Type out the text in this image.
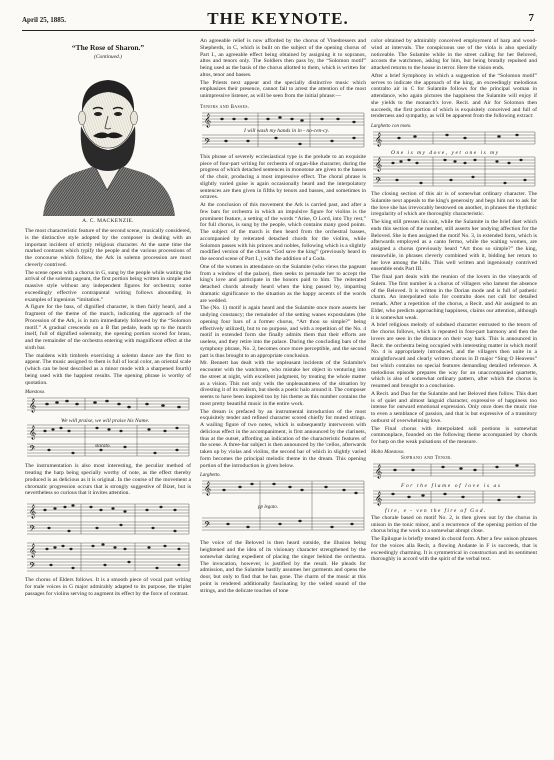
April 25, 1885.	THE KEYNOTE.	7
“The Rose of Sharon.”
(Continued.)
A. C. MACKENZIE.

The most characteristic feature of the second scene, musically considered, is the distinctive style adopted by the composer in dealing with an important incident of strictly religious character. At the same time the marked contrasts which typify the people and the various processions of the concourse which follow, the Ark in solemn procession are most cleverly contrived.

The scene opens with a chorus in G, sung by the people while waiting the arrival of the solemn pageant, the first portion being written in simple and massive style without any independent figures for orchestra; some exceedingly effective contrapuntal writing follows abounding in examples of ingenious “imitation.”

A figure for the bass, of dignified character, is then fairly heard, and a fragment of the theme of the march, indicating the approach of the Procession of the Ark, is in turn immediately followed by the “Solomon motif.” A gradual crescendo on a B flat pedale, leads up to the march itself, full of dignified solemnity, the opening portion scored for brass, and the remainder of the orchestra entering with magnificent effect at the sixth bar.

The maidens with timbrels exercising a solemn dance are the first to appear. The music assigned to them is full of local color, an oriental scale (which can be best described as a minor mode with a sharpened fourth) being used with the happiest results. The opening phrase is worthy of quotation.

Maestoso.
𝄞
𝄞
𝄢
We will praise, we will praise his Name.
stacato.

The instrumentation is also most interesting, the peculiar method of treating the harp being specially worthy of note, as the effect thereby produced is as delicious as it is original. In the course of the movement a chromatic progression occurs that is strongly suggestive of Bizet, but is nevertheless so curious that it invites attention.

𝄞
𝄢
𝄞
𝄢

The chorus of Elders follows. It is a smooth piece of vocal part writing for male voices in G major admirably adapted to its purpose, the triplet passages for violins serving to augment its effect by the force of contrast.

An agreeable relief is now afforded by the chorus of Vinedressers and Shepherds, in C, which is built on the subject of the opening chorus of Part I., an agreeable effect being obtained by assigning it to sopranos, altos and tenors only. The Soldiers then pass by, the “Solomon motif” being used as the basis of the chorus allotted to them, which is written for altos, tenor and basses.

The Priests next appear and the specially distinctive music which emphasizes their presence, cannot fail to arrest the attention of the most unimpressive listener, as will be seen from the initial phrase:—

Tenors and Basses.
𝄞
𝄢
I will wash my hands in in - no-cen-cy.

This phrase of severely ecclesiastical type is the prelude to an exquisite piece of four-part writing for orchestra of organ-like character, during the progress of which detached sentences in monotone are given to the basses of the choir, producing a most impressive effect. The choral phrase is slightly varied guise is again occasionally heard and the interpolatory sentences are then given in fifths by tenors and basses, and sometimes in octaves.

At the conclusion of this movement the Ark is carried past, and after a few bars for orchestra in which an impulsive figure for violins is the prominent feature, a setting of the words “Arise, O Lord, into Thy rest,” for full chorus, is sung by the people, which contains many good points. The subject of the march is then heard from the orchestral basses, accompanied by reiterated detached chords for the violins, while Solomon passes with his princes and nobles, following which is a slightly modified version of the chorus “God save the king” (previously heard in the second scene of Part I.,) with the addition of a Coda.

One of the women in attendance on the Sulamite (who views the pageant from a window of the palace), then seeks to persuade her to accept the king's love and participate in the honors paid to him. The reiterated detached chords already heard when the king passed by, imparting dramatic significance to the situation as the happy accents of the words are wedded.

The (No. 1) motif is again heard and the Sulamite once more asserts her undying constancy; the remainder of the setting wanes expostulates (the opening four bars of a former chorus, “Art thou so simple?” being effectively utilized), but to no purpose, and with a repetition of the No. 4 motif in extended form she finally admits them that their efforts are useless, and they retire into the palace. During the concluding bars of the symphony phrase, No. 2, becomes once more perceptible, and the second part is thus brought to an appropriate conclusion.

Mr. Bennett has dealt with the unpleasant incidents of the Sulamite's encounter with the watchmen, who mistake her object in venturing into the street at night, with excellent judgment, by treating the whole matter as a vision. This not only veils the unpleasantness of the situation by divesting it of its realism, but sheds a poetic halo around it. The composer seems to have been inspired too by his theme as this number contains the most pretty beautiful music in the entire work.

The dream is prefaced by an instrumental introduction of the most exquisitely tender and refined character scored chiefly for muted strings. A wailing figure of two notes, which is subsequently interwoven with delicious effect in the accompaniment, is first announced by the clarinets, thus at the outset, affording an indication of the characteristic features of the scene. A three-bar subject is then announced by the 'cellos, afterwards taken up by violas and violins, the second bar of which in slightly varied form becomes the principal melodic theme in the dream. This opening portion of the introduction is given below.

Larghetto.
𝄞
𝄢
pp legato.

The voice of the Beloved is then heard outside, the illusion being heightened and the idea of its visionary character strengthened by the somewhat daring expedient of placing the singer behind the orchestra. The invocation, however, is justified by the result. He pleads for admission, and the Sulamite hastily assumes her garments and opens the door, but only to find that he has gone. The charm of the music at this point is rendered additionally fascinating by the veiled sound of the strings, and the delicate touches of tone

color obtained by admirably conceived employment of harp and wood-wind at intervals. The conspicuous use of the viola is also specially noticeable. The Sulamite while in the street calling for her Beloved, accosts the watchmen, asking for him, but being brutally repulsed and attacked returns to the house in terror. Here the vision ends.

After a brief Symphony in which a suggestion of the “Solomon motif” serves to indicate the approach of the king, an exceedingly melodious contralto air in C for Sulamite follows for the principal woman in attendance, who again pictures the happiness the Sulamite will enjoy if she yields to the monarch's love. Recit. and Air for Solomon then succeeds, the first portion of which is exquisitely conceived and full of tenderness and sympathy, as will be apparent from the following extract:

Larghetto con moto.
𝄞
𝄞
𝄢
One is my dove, yet one is my

The closing section of this air is of somewhat ordinary character. The Sulamite next appeals to the king's generosity and begs him not to ask for the love she has irrevocably bestowed on another, in phrases the rhythmic irregularity of which are thoroughly characteristic.

The king still presses his suit, while the Sulamite in the brief duet which ends this section of the number, still asserts her undying affection for the Beloved. She is then assigned the motif No. 3, in extended form, which is afterwards employed as a canto fermo, while the waiting women, are assigned a chorus (previously heard “Art thou so simple?” the king, meanwhile, in phrases cleverly combined with it, bidding her return to her love among the hills. This well written and ingeniously contrived ensemble ends Part III.

The final part deals with the reunion of the lovers in the vineyards of Sulem. The first number is a chorus of villagers who lament the absence of the Beloved. It is written in the Dorian mode and is full of pathetic charm. An interpolated solo for contralto does not call for detailed remark. After a repetition of the chorus, a Recit. and Air assigned to an Elder, who predicts approaching happiness, claims our attention, although it is somewhat weak.

A brief religious melody of subdued character entrusted to the tenors of the chorus follows, which is repeated in four-part harmony and then the lovers are seen in the distance on their way back. This is announced in Recit. the orchestra being occupied with interesting matter in which motif No. 4 is appropriately introduced, and the villagers then unite in a straightforward and clearly written chorus in D major “Sing O Heavens” but which contains no special features demanding detailed reference. A melodious episode prepares the way for an unaccompanied quartette, which is also of somewhat ordinary pattern, after which the chorus is resumed and brought to a conclusion.

A Recit. and Duo for the Sulamite and her Beloved then follow. This duet is of quiet and almost languid character, expressive of happiness too intense for outward emotional expression. Only once does the music rise to even a semblance of passion, and that is but expressive of a transitory outburst of overwhelming love.

The Final chorus with interpolated soli portions is somewhat commonplace, founded on the following theme accompanied by chords for harp on the weak pulsations of the measure.

Molto Maestoso.
Soprano and Tenor.
𝄞
𝄞
For the flame of love is as
fire, e - ven the fire of God.

The chorale based on motif No. 2, is then given out by the chorus in unison in the tonic minor, and a recurrence of the opening portion of the chorus bring the work to a somewhat abrupt close.

The Epilogue is briefly treated in choral form. After a few unison phrases for the voices alla Recit, a flowing Andante in F is succeeds, that is exceedingly charming. It is symmetrical in construction and its sentiment thoroughly in accord with the spirit of the verbal text.
